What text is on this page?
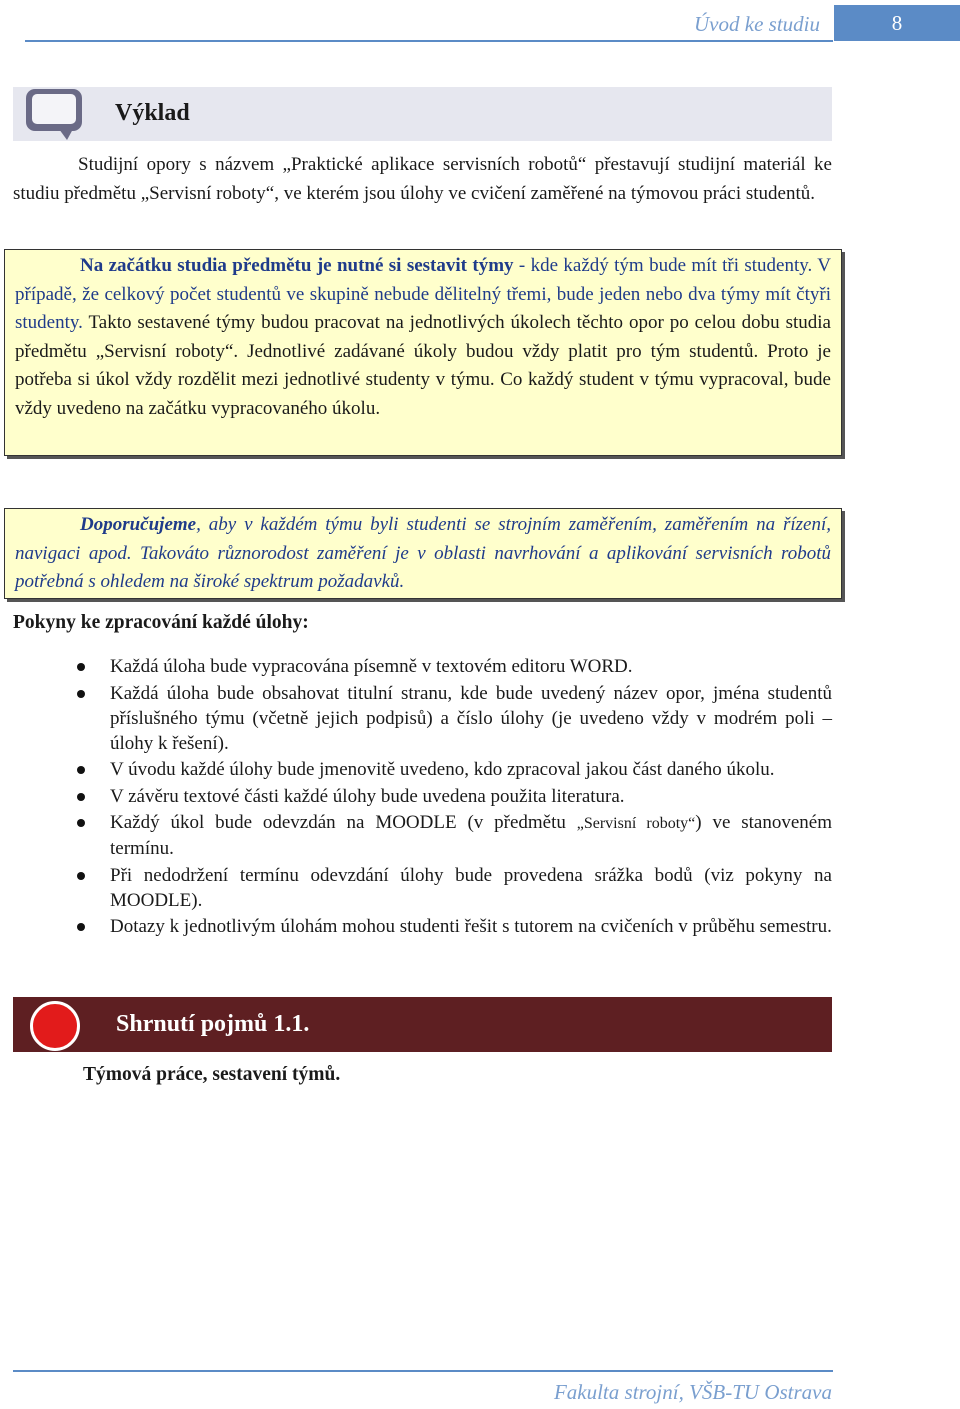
Úvod ke studiu	8
Výklad

Studijní opory s názvem „Praktické aplikace servisních robotů“ přestavují studijní materiál ke studiu předmětu „Servisní roboty“, ve kterém jsou úlohy ve cvičení zaměřené na týmovou práci studentů.

Na začátku studia předmětu je nutné si sestavit týmy - kde každý tým bude mít tři studenty. V případě, že celkový počet studentů ve skupině nebude dělitelný třemi, bude jeden nebo dva týmy mít čtyři studenty. Takto sestavené týmy budou pracovat na jednotlivých úkolech těchto opor po celou dobu studia předmětu „Servisní roboty“. Jednotlivé zadávané úkoly budou vždy platit pro tým studentů. Proto je potřeba si úkol vždy rozdělit mezi jednotlivé studenty v týmu. Co každý student v týmu vypracoval, bude vždy uvedeno na začátku vypracovaného úkolu.

Doporučujeme, aby v každém týmu byli studenti se strojním zaměřením, zaměřením na řízení, navigaci apod. Takováto různorodost zaměření je v oblasti navrhování a aplikování servisních robotů potřebná s ohledem na široké spektrum požadavků.

Pokyny ke zpracování každé úlohy:
Každá úloha bude vypracována písemně v textovém editoru WORD.
Každá úloha bude obsahovat titulní stranu, kde bude uvedený název opor, jména studentů příslušného týmu (včetně jejich podpisů) a číslo úlohy (je uvedeno vždy v modrém poli – úlohy k řešení).
V úvodu každé úlohy bude jmenovitě uvedeno, kdo zpracoval jakou část daného úkolu.
V závěru textové části každé úlohy bude uvedena použita literatura.
Každý úkol bude odevzdán na MOODLE (v předmětu „Servisní roboty“) ve stanoveném termínu.
Při nedodržení termínu odevzdání úlohy bude provedena srážka bodů (viz pokyny na MOODLE).
Dotazy k jednotlivým úlohám mohou studenti řešit s tutorem na cvičeních v průběhu semestru.
Shrnutí pojmů 1.1.
Týmová práce, sestavení týmů.
Fakulta strojní, VŠB-TU Ostrava
